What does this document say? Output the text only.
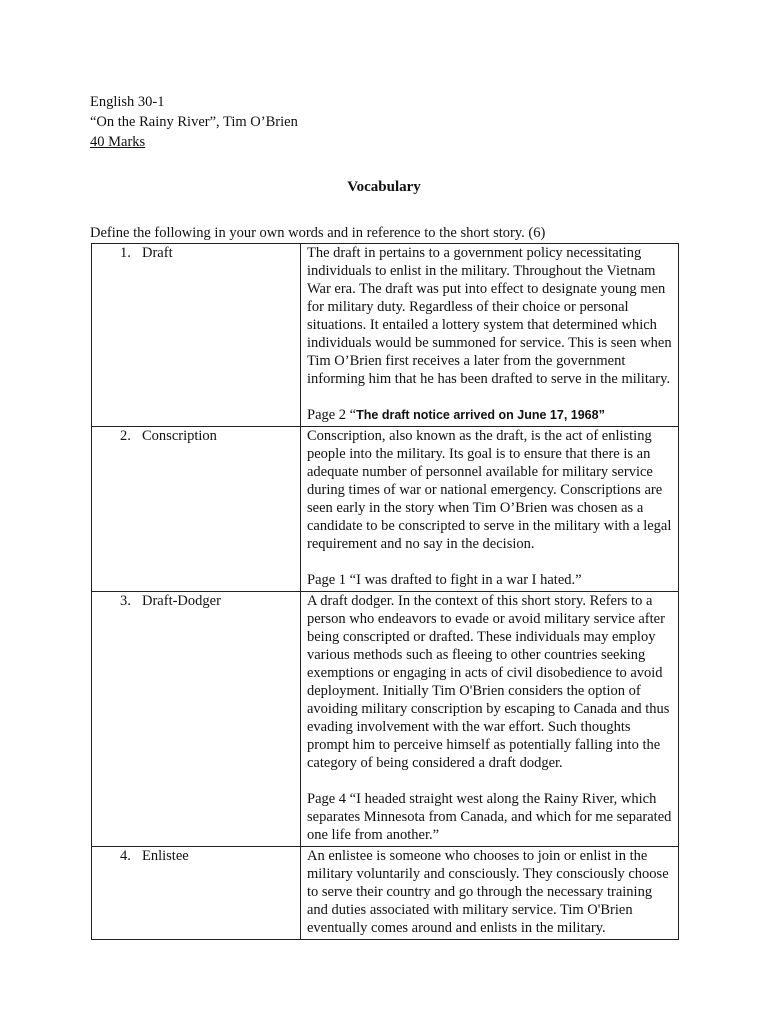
English 30-1
“On the Rainy River”, Tim O’Brien
40 Marks
Vocabulary
Define the following in your own words and in reference to the short story. (6)
1. Draft	The draft in pertains to a government policy necessitating individuals to enlist in the military. Throughout the Vietnam War era. The draft was put into effect to designate young men for military duty. Regardless of their choice or personal situations. It entailed a lottery system that determined which individuals would be summoned for service. This is seen when Tim O’Brien first receives a later from the government informing him that he has been drafted to serve in the military.

Page 2 “The draft notice arrived on June 17, 1968”

2. Conscription	Conscription, also known as the draft, is the act of enlisting people into the military. Its goal is to ensure that there is an adequate number of personnel available for military service during times of war or national emergency. Conscriptions are seen early in the story when Tim O’Brien was chosen as a candidate to be conscripted to serve in the military with a legal requirement and no say in the decision.

Page 1 “I was drafted to fight in a war I hated.”

3. Draft-Dodger	A draft dodger. In the context of this short story. Refers to a person who endeavors to evade or avoid military service after being conscripted or drafted. These individuals may employ various methods such as fleeing to other countries seeking exemptions or engaging in acts of civil disobedience to avoid deployment. Initially Tim O'Brien considers the option of avoiding military conscription by escaping to Canada and thus evading involvement with the war effort. Such thoughts prompt him to perceive himself as potentially falling into the category of being considered a draft dodger.

Page 4 “I headed straight west along the Rainy River, which separates Minnesota from Canada, and which for me separated one life from another.”

4. Enlistee	An enlistee is someone who chooses to join or enlist in the military voluntarily and consciously. They consciously choose to serve their country and go through the necessary training and duties associated with military service. Tim O'Brien eventually comes around and enlists in the military.
